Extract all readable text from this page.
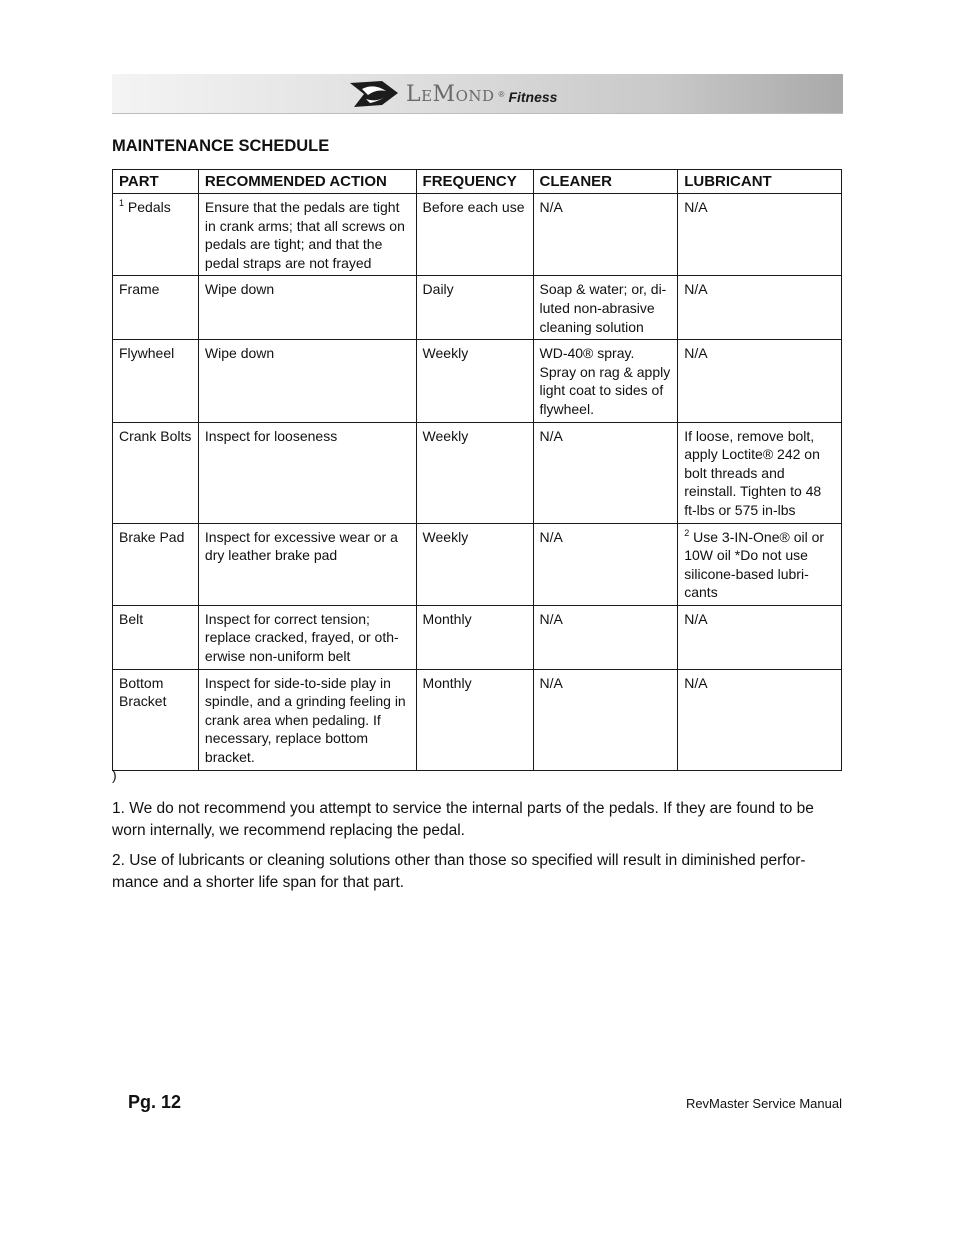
LeMond ® Fitness
MAINTENANCE SCHEDULE
PART	RECOMMENDED ACTION	FREQUENCY	CLEANER	LUBRICANT
$^1$ Pedals	Ensure that the pedals are tight in crank arms; that all screws on pedals are tight; and that the pedal straps are not frayed	Before each use	N/A	N/A
Frame	Wipe down	Daily	Soap & water; or, di-luted non-abrasive cleaning solution	N/A
Flywheel	Wipe down	Weekly	WD-40® spray. Spray on rag & apply light coat to sides of flywheel.	N/A
Crank Bolts	Inspect for looseness	Weekly	N/A	If loose, remove bolt, apply Loctite® 242 on bolt threads and reinstall. Tighten to 48 ft-lbs or 575 in-lbs
Brake Pad	Inspect for excessive wear or a dry leather brake pad	Weekly	N/A	$^2$ Use 3-IN-One® oil or 10W oil *Do not use silicone-based lubri-cants
Belt	Inspect for correct tension; replace cracked, frayed, or oth-erwise non-uniform belt	Monthly	N/A	N/A
Bottom Bracket	Inspect for side-to-side play in spindle, and a grinding feeling in crank area when pedaling. If necessary, replace bottom bracket.	Monthly	N/A	N/A
)

1. We do not recommend you attempt to service the internal parts of the pedals. If they are found to be worn internally, we recommend replacing the pedal.

2. Use of lubricants or cleaning solutions other than those so specified will result in diminished perfor-mance and a shorter life span for that part.

Pg. 12	RevMaster Service Manual
